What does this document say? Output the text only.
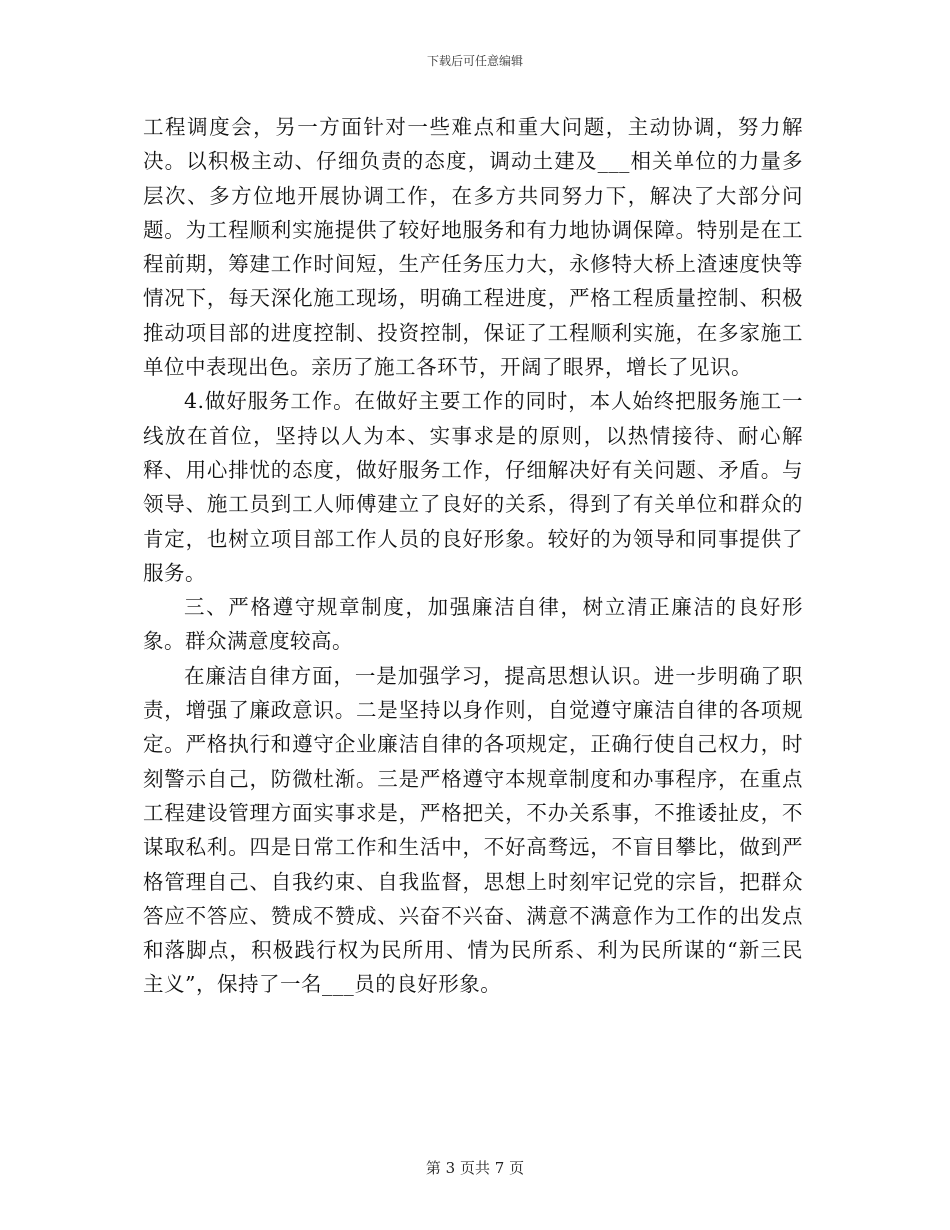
下载后可任意编辑

工程调度会，另一方面针对一些难点和重大问题，主动协调，努力解决。以积极主动、仔细负责的态度，调动土建及___相关单位的力量多层次、多方位地开展协调工作，在多方共同努力下，解决了大部分问题。为工程顺利实施提供了较好地服务和有力地协调保障。特别是在工程前期，筹建工作时间短，生产任务压力大，永修特大桥上渣速度快等情况下，每天深化施工现场，明确工程进度，严格工程质量控制、积极推动项目部的进度控制、投资控制，保证了工程顺利实施，在多家施工单位中表现出色。亲历了施工各环节，开阔了眼界，增长了见识。

4.做好服务工作。在做好主要工作的同时，本人始终把服务施工一线放在首位，坚持以人为本、实事求是的原则，以热情接待、耐心解释、用心排忧的态度，做好服务工作，仔细解决好有关问题、矛盾。与领导、施工员到工人师傅建立了良好的关系，得到了有关单位和群众的肯定，也树立项目部工作人员的良好形象。较好的为领导和同事提供了服务。

三、严格遵守规章制度，加强廉洁自律，树立清正廉洁的良好形象。群众满意度较高。

在廉洁自律方面，一是加强学习，提高思想认识。进一步明确了职责，增强了廉政意识。二是坚持以身作则，自觉遵守廉洁自律的各项规定。严格执行和遵守企业廉洁自律的各项规定，正确行使自己权力，时刻警示自己，防微杜渐。三是严格遵守本规章制度和办事程序，在重点工程建设管理方面实事求是，严格把关，不办关系事，不推诿扯皮，不谋取私利。四是日常工作和生活中，不好高骛远，不盲目攀比，做到严格管理自己、自我约束、自我监督，思想上时刻牢记党的宗旨，把群众答应不答应、赞成不赞成、兴奋不兴奋、满意不满意作为工作的出发点和落脚点，积极践行权为民所用、情为民所系、利为民所谋的“新三民主义”，保持了一名___员的良好形象。

第 3 页共 7 页
